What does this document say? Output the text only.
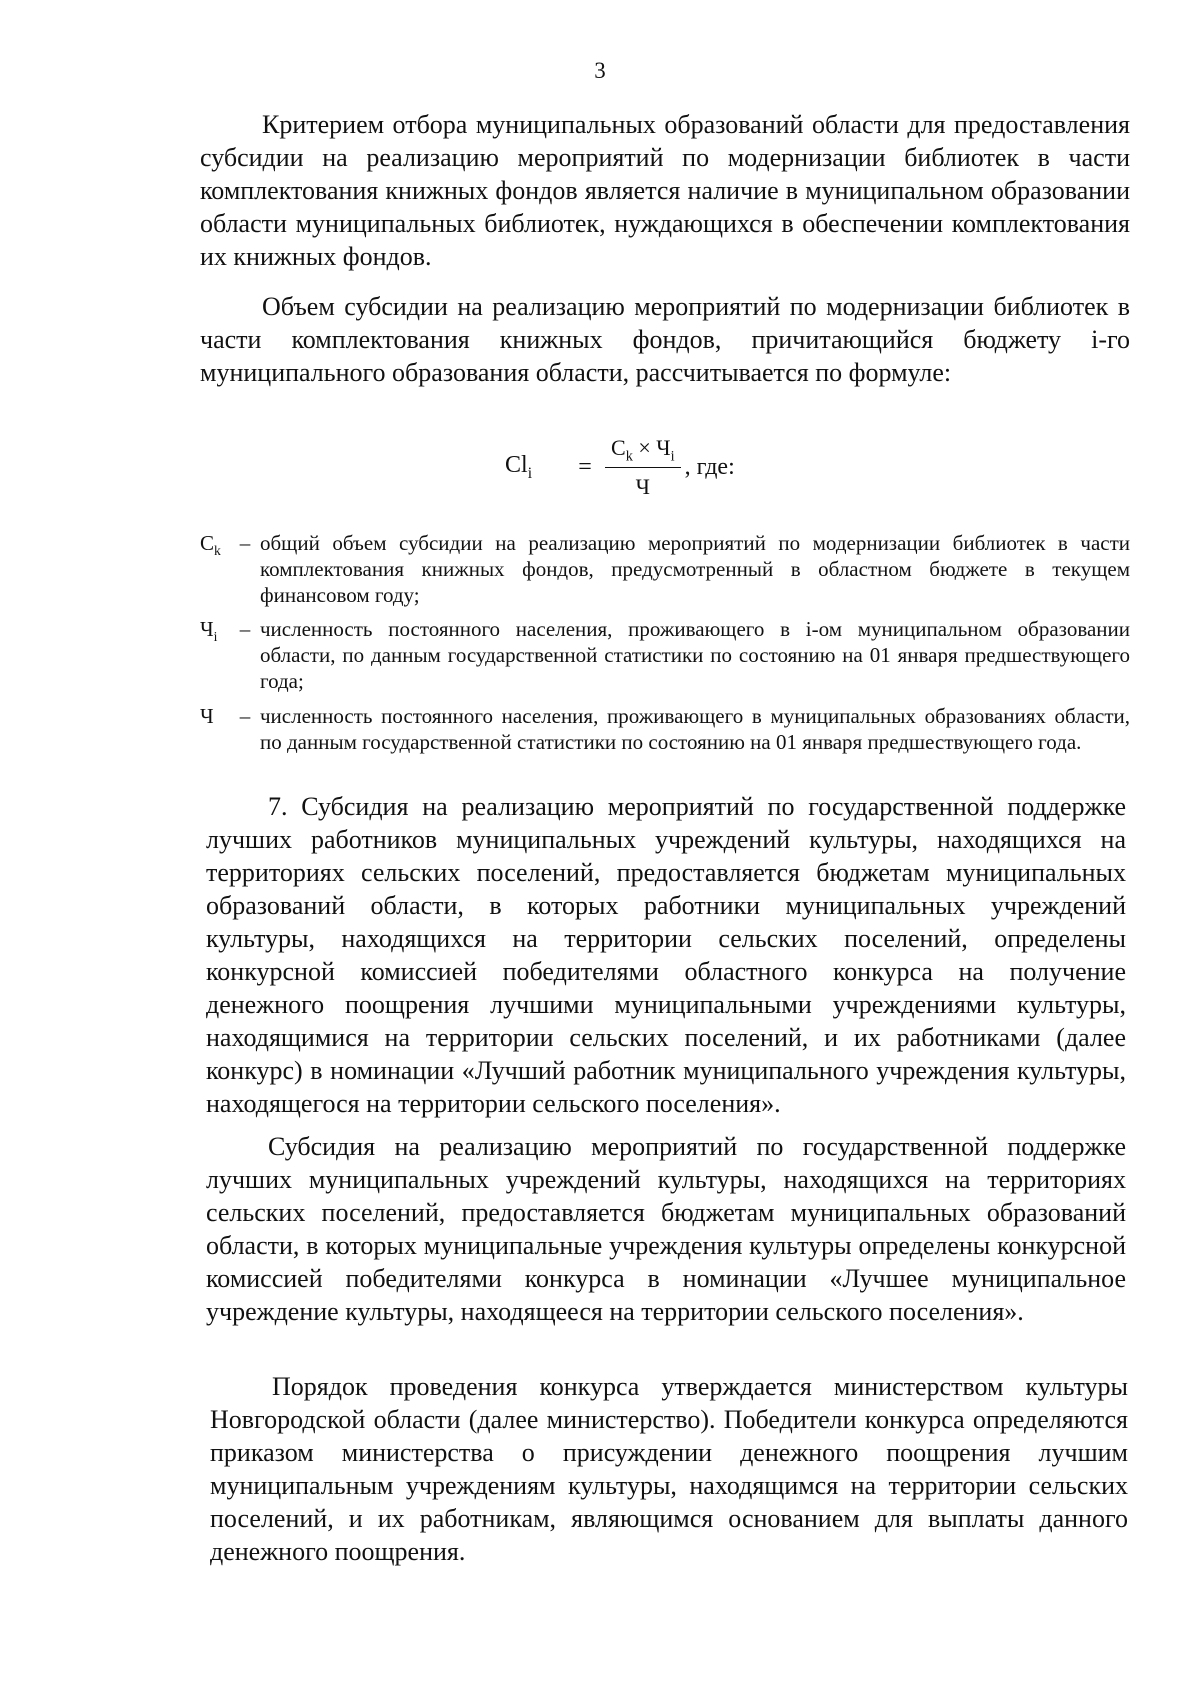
3

Критерием отбора муниципальных образований области для предоставления субсидии на реализацию мероприятий по модернизации библиотек в части комплектования книжных фондов является наличие в муниципальном образовании области муниципальных библиотек, нуждающихся в обеспечении комплектования их книжных фондов.

Объем субсидии на реализацию мероприятий по модернизации библиотек в части комплектования книжных фондов, причитающийся бюджету i-го муниципального образования области, рассчитывается по формуле:

$Cl_i$	= $\frac{C_k \times Ч_i}{Ч}$ , где:
$C_k$ – общий объем субсидии на реализацию мероприятий по модернизации библиотек в части комплектования книжных фондов, предусмотренный в областном бюджете в текущем финансовом году;
$Ч_i$	– численность постоянного населения, проживающего в i-ом муниципальном образовании области, по данным государственной статистики по состоянию на 01 января предшествующего года;
Ч	– численность постоянного населения, проживающего в муниципальных образованиях области, по данным государственной статистики по состоянию на 01 января предшествующего года.

7. Субсидия на реализацию мероприятий по государственной поддержке лучших работников муниципальных учреждений культуры, находящихся на территориях сельских поселений, предоставляется бюджетам муниципальных образований области, в которых работники муниципальных учреждений культуры, находящихся на территории сельских поселений, определены конкурсной комиссией победителями областного конкурса на получение денежного поощрения лучшими муниципальными учреждениями культуры, находящимися на территории сельских поселений, и их работниками (далее конкурс) в номинации «Лучший работник муниципального учреждения культуры, находящегося на территории сельского поселения».

Субсидия на реализацию мероприятий по государственной поддержке лучших муниципальных учреждений культуры, находящихся на территориях сельских поселений, предоставляется бюджетам муниципальных образований области, в которых муниципальные учреждения культуры определены конкурсной комиссией победителями конкурса в номинации «Лучшее муниципальное учреждение культуры, находящееся на территории сельского поселения».

Порядок проведения конкурса утверждается министерством культуры Новгородской области (далее министерство). Победители конкурса определяются приказом министерства о присуждении денежного поощрения лучшим муниципальным учреждениям культуры, находящимся на территории сельских поселений, и их работникам, являющимся основанием для выплаты данного денежного поощрения.
